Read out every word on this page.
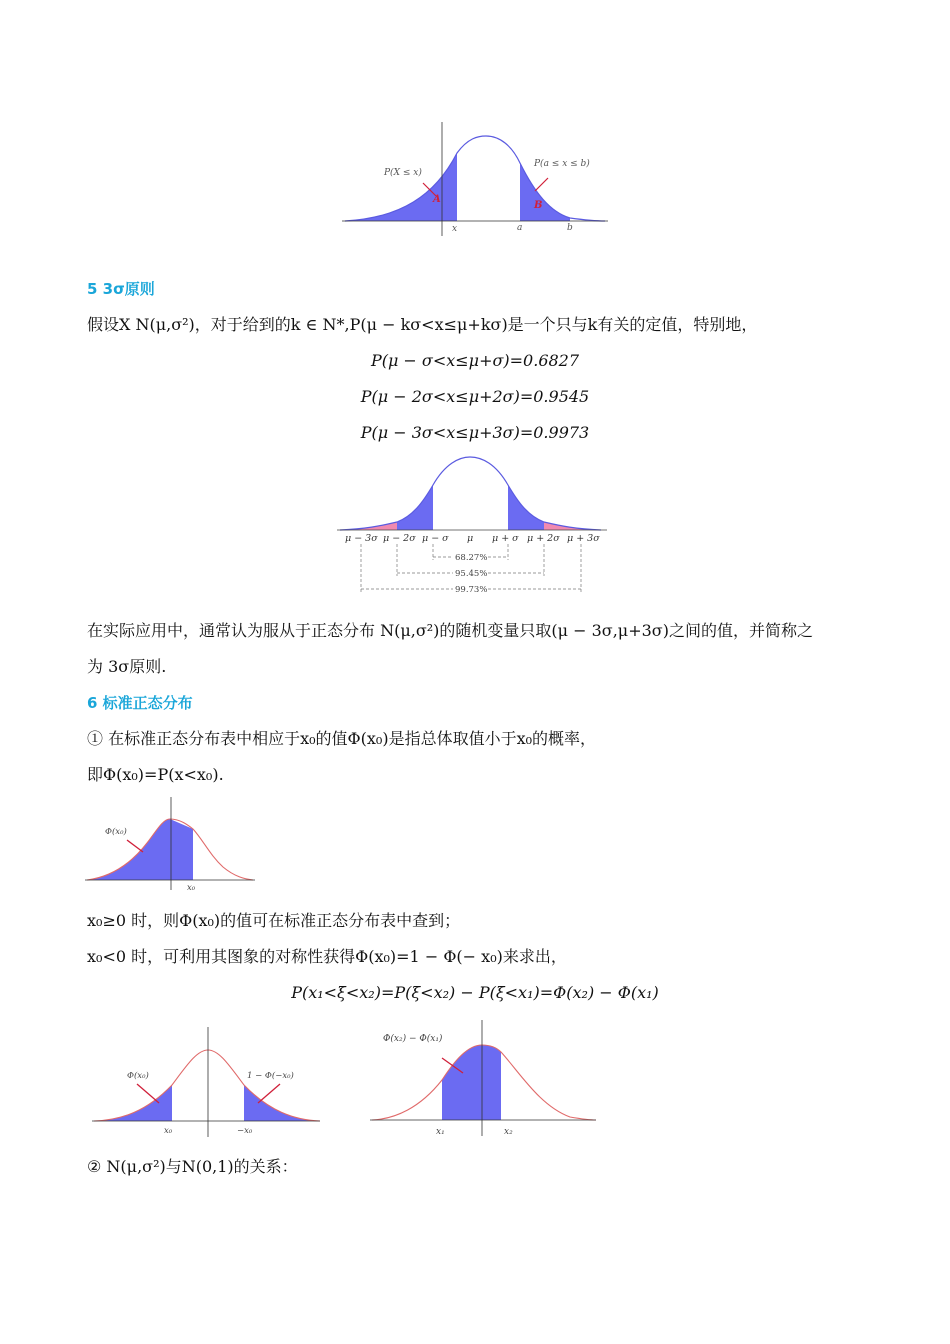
P(X ≤ x)
P(a ≤ x ≤ b)
A
B
x	a	b
5 3σ原则
假设X N(μ,σ²)，对于给到的k ∈ N*,P(μ − kσ<x≤μ+kσ)是一个只与k有关的定值，特别地，
P(μ − σ<x≤μ+σ)=0.6827
P(μ − 2σ<x≤μ+2σ)=0.9545
P(μ − 3σ<x≤μ+3σ)=0.9973
μ − 3σ μ − 2σ μ − σ μ μ + σ μ + 2σ μ + 3σ
68.27%
95.45%
99.73%
在实际应用中，通常认为服从于正态分布 N(μ,σ²)的随机变量只取(μ − 3σ,μ+3σ)之间的值，并简称之
为 3σ原则.
6 标准正态分布
① 在标准正态分布表中相应于x₀的值Φ(x₀)是指总体取值小于x₀的概率，
即Φ(x₀)=P(x<x₀).
Φ(x₀)
x₀
x₀≥0 时，则Φ(x₀)的值可在标准正态分布表中查到；
x₀<0 时，可利用其图象的对称性获得Φ(x₀)=1 − Φ(− x₀)来求出，
P(x₁<ξ<x₂)=P(ξ<x₂) − P(ξ<x₁)=Φ(x₂) − Φ(x₁)
Φ(x₀)	1 − Φ(−x₀)
x₀	−x₀
Φ(x₂) − Φ(x₁)
x₁	x₂
② N(μ,σ²)与N(0,1)的关系：
